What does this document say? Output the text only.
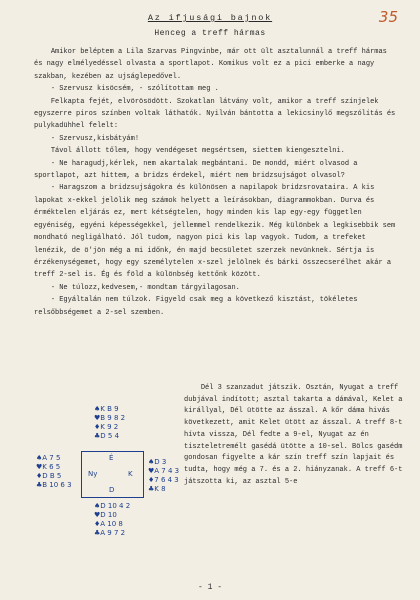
35
Az ifjusági bajnok
Henceg a treff hármas

Amikor beléptem a Lila Szarvas Pingvinbe, már ott ült asztalunnál a treff hármas és nagy elmélyedéssel olvasta a sportlapot. Komikus volt ez a pici emberke a nagy szakban, kezében az ujságlepedővel.

- Szervusz kisöcsém, - szólítottam meg .

Felkapta fejét, elvörösödött. Szokatlan látvány volt, amikor a treff színjelek egyszerre piros színben voltak láthatók. Nyilván bántotta a lekicsinylő megszólítás és pulykadühhel felelt:

- Szervusz,kisbátyám!

Távol állott tőlem, hogy vendégeset megsértsem, siettem kiengesztelni.

- Ne haragudj,kérlek, nem akartalak megbántani. De mondd, miért olvasod a sportlapot, azt hittem, a bridzs érdekel, miért nem bridzsujságot olvasol?

- Haragszom a bridzsujságokra és különösen a napilapok bridzsrovataira. A kis lapokat x-ekkel jelölik meg számok helyett a leírásokban, diagrammokban. Durva és érméktelen eljárás ez, mert kétségtelen, hogy minden kis lap egy-egy független egyéniség, egyéni képességekkel, jellemmel rendelkezik. Még különbek a legkisebbik sem mondható negligálható. Jól tudom, nagyon pici kis lap vagyok. Tudom, a trefeket lenézik, de ö'jön még a mi időnk, én majd becsületet szerzek nevünknek. Sértja is érzékenységemet, hogy egy személytelen x-szel jelölnek és bárki összecserélhet akár a treff 2-sel is. Ég és föld a különbség kettőnk között.

- Ne túlozz,kedvesem,- mondtam tárgyilagosan.

- Egyáltalán nem túlzok. Figyeld csak meg a következő kisztást, tökéletes relsőbbségemet a 2-sel szemben.

♠K B 9

♥B 9 8 2

♦K 9 2

♣D 5 4

♠A 7 5

♥K 6 5

♦D B 5

♣B 10 6 3

É
Ny	K
D

♠D 3

♥A 7 4 3

♦7 6 4 3

♣K 8

♠D 10 4 2

♥D 10

♦A 10 8

♣A 9 7 2

Dél 3 szanzadut játszik. Osztán, Nyugat a treff dubjával indított; asztal takarta a dámával, Kelet a királlyal, Dél ütötte az ásszal. A kőr dáma hivás következett, amit Kelet ütött az ásszal. A treff 8-t hívta vissza, Dél fedte a 9-el, Nyugat az én tiszteletremélt gasédá ütötte a 10-sel. Bölcs gasédm gondosan figyelte a kár szín treff szín lapjait és tudta, hogy még a 7. és a 2. hiányzanak. A treff 6-t játszotta ki, az asztal 5-e

- 1 -
